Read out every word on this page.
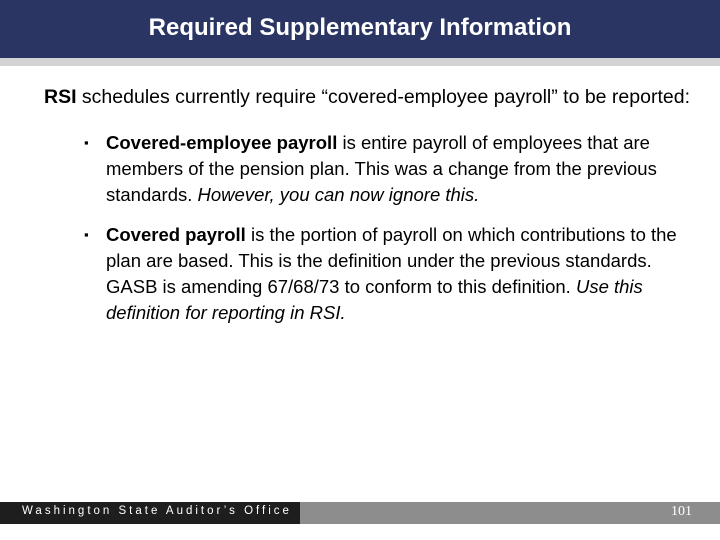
Required Supplementary Information

RSI schedules currently require “covered-employee payroll” to be reported:

▪ Covered-employee payroll is entire payroll of employees that are members of the pension plan. This was a change from the previous standards. However, you can now ignore this.

▪ Covered payroll is the portion of payroll on which contributions to the plan are based. This is the definition under the previous standards. GASB is amending 67/68/73 to conform to this definition. Use this definition for reporting in RSI.

Washington State Auditor’s Office	101
